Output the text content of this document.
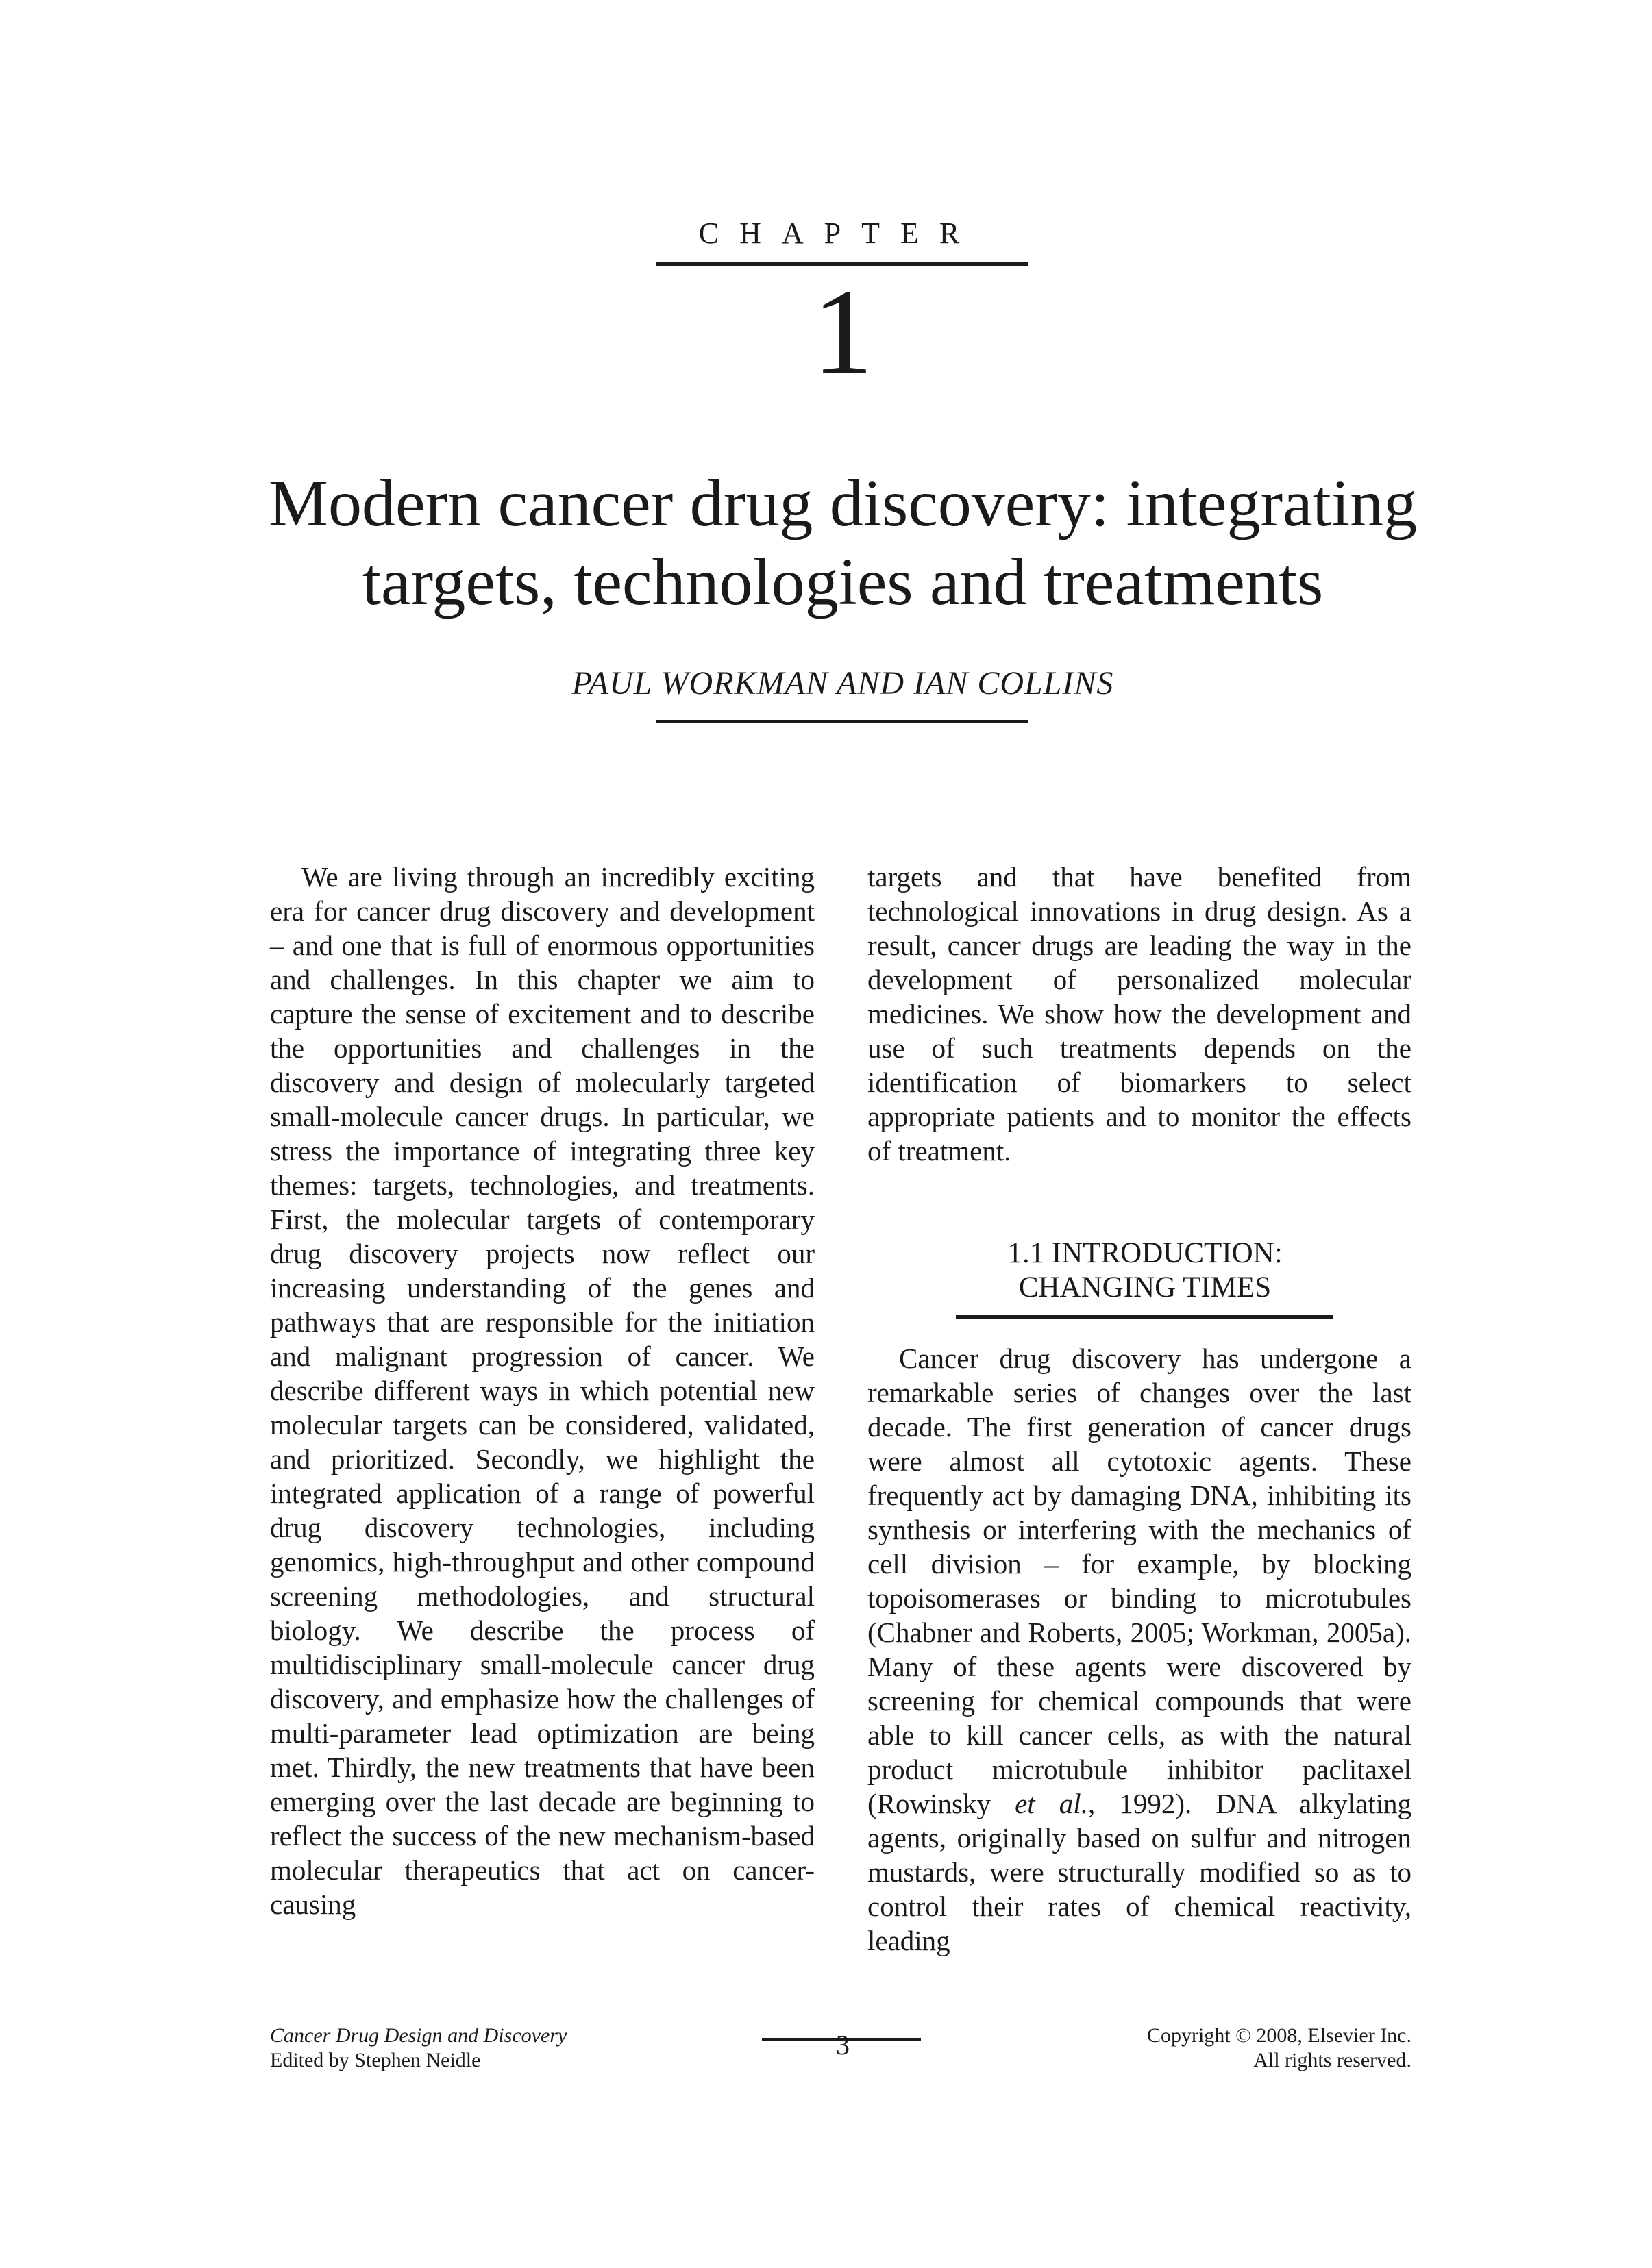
CHAPTER
1
Modern cancer drug discovery: integrating
targets, technologies and treatments
PAUL WORKMAN AND IAN COLLINS
We are living through an incredibly exciting era for cancer drug discovery and development – and one that is full of enormous opportunities and challenges. In this chapter we aim to capture the sense of excitement and to describe the opportunities and challenges in the discovery and design of molecularly targeted small-molecule cancer drugs. In particular, we stress the importance of integrating three key themes: targets, technologies, and treatments. First, the molecular targets of contemporary drug discovery projects now reflect our increasing understanding of the genes and pathways that are responsible for the initiation and malignant progression of cancer. We describe different ways in which potential new molecular targets can be considered, validated, and prioritized. Secondly, we highlight the integrated application of a range of powerful drug discovery technologies, including genomics, high-throughput and other compound screening methodologies, and structural biology. We describe the process of multidisciplinary small-molecule cancer drug discovery, and emphasize how the challenges of multi-parameter lead optimization are being met. Thirdly, the new treatments that have been emerging over the last decade are beginning to reflect the success of the new mechanism-based molecular therapeutics that act on cancer-causing
targets and that have benefited from technological innovations in drug design. As a result, cancer drugs are leading the way in the development of personalized molecular medicines. We show how the development and use of such treatments depends on the identification of biomarkers to select appropriate patients and to monitor the effects of treatment.
1.1 INTRODUCTION:
CHANGING TIMES
Cancer drug discovery has undergone a remarkable series of changes over the last decade. The first generation of cancer drugs were almost all cytotoxic agents. These frequently act by damaging DNA, inhibiting its synthesis or interfering with the mechanics of cell division – for example, by blocking topoisomerases or binding to microtubules (Chabner and Roberts, 2005; Workman, 2005a). Many of these agents were discovered by screening for chemical compounds that were able to kill cancer cells, as with the natural product microtubule inhibitor paclitaxel (Rowinsky et al., 1992). DNA alkylating agents, originally based on sulfur and nitrogen mustards, were structurally modified so as to control their rates of chemical reactivity, leading
Cancer Drug Design and Discovery
Edited by Stephen Neidle	3	Copyright © 2008, Elsevier Inc.
All rights reserved.
